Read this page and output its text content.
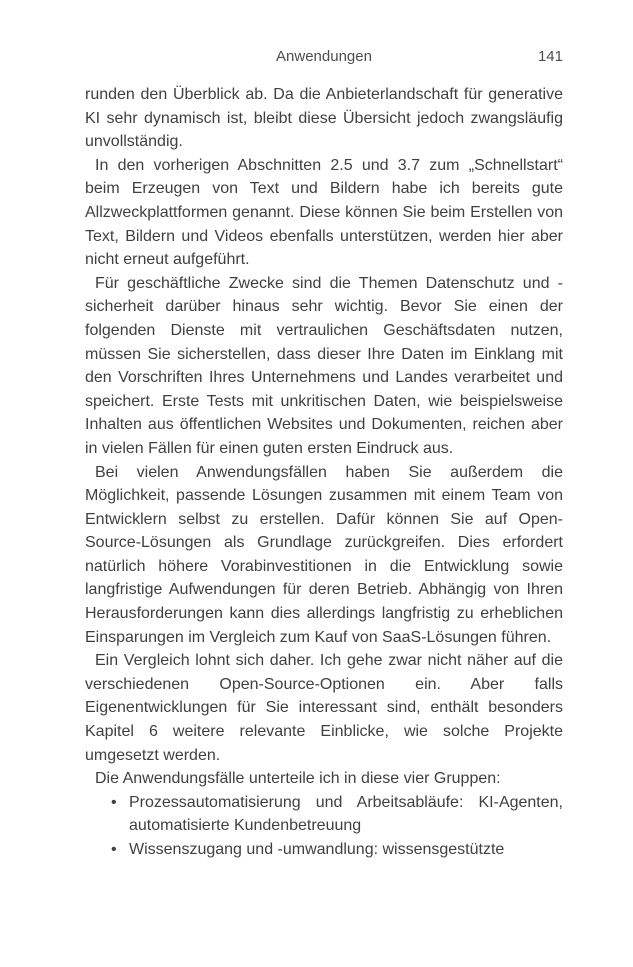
Anwendungen	141

runden den Überblick ab. Da die Anbieterlandschaft für generative KI sehr dynamisch ist, bleibt diese Übersicht jedoch zwangsläufig unvollständig.

In den vorherigen Abschnitten 2.5 und 3.7 zum „Schnellstart“ beim Erzeugen von Text und Bildern habe ich bereits gute Allzweckplattformen genannt. Diese können Sie beim Erstellen von Text, Bildern und Videos ebenfalls unterstützen, werden hier aber nicht erneut aufgeführt.

Für geschäftliche Zwecke sind die Themen Datenschutz und -sicherheit darüber hinaus sehr wichtig. Bevor Sie einen der folgenden Dienste mit vertraulichen Geschäftsdaten nutzen, müssen Sie sicherstellen, dass dieser Ihre Daten im Einklang mit den Vorschriften Ihres Unternehmens und Landes verarbeitet und speichert. Erste Tests mit unkritischen Daten, wie beispielsweise Inhalten aus öffentlichen Websites und Dokumenten, reichen aber in vielen Fällen für einen guten ersten Eindruck aus.

Bei vielen Anwendungsfällen haben Sie außerdem die Möglichkeit, passende Lösungen zusammen mit einem Team von Entwicklern selbst zu erstellen. Dafür können Sie auf Open-Source-Lösungen als Grundlage zurückgreifen. Dies erfordert natürlich höhere Vorabinvestitionen in die Entwicklung sowie langfristige Aufwendungen für deren Betrieb. Abhängig von Ihren Herausforderungen kann dies allerdings langfristig zu erheblichen Einsparungen im Vergleich zum Kauf von SaaS-Lösungen führen.

Ein Vergleich lohnt sich daher. Ich gehe zwar nicht näher auf die verschiedenen Open-Source-Optionen ein. Aber falls Eigenentwicklungen für Sie interessant sind, enthält besonders Kapitel 6 weitere relevante Einblicke, wie solche Projekte umgesetzt werden.

Die Anwendungsfälle unterteile ich in diese vier Gruppen:

• Prozessautomatisierung und Arbeitsabläufe: KI-Agenten, automatisierte Kundenbetreuung
• Wissenszugang und -umwandlung: wissensgestützte
